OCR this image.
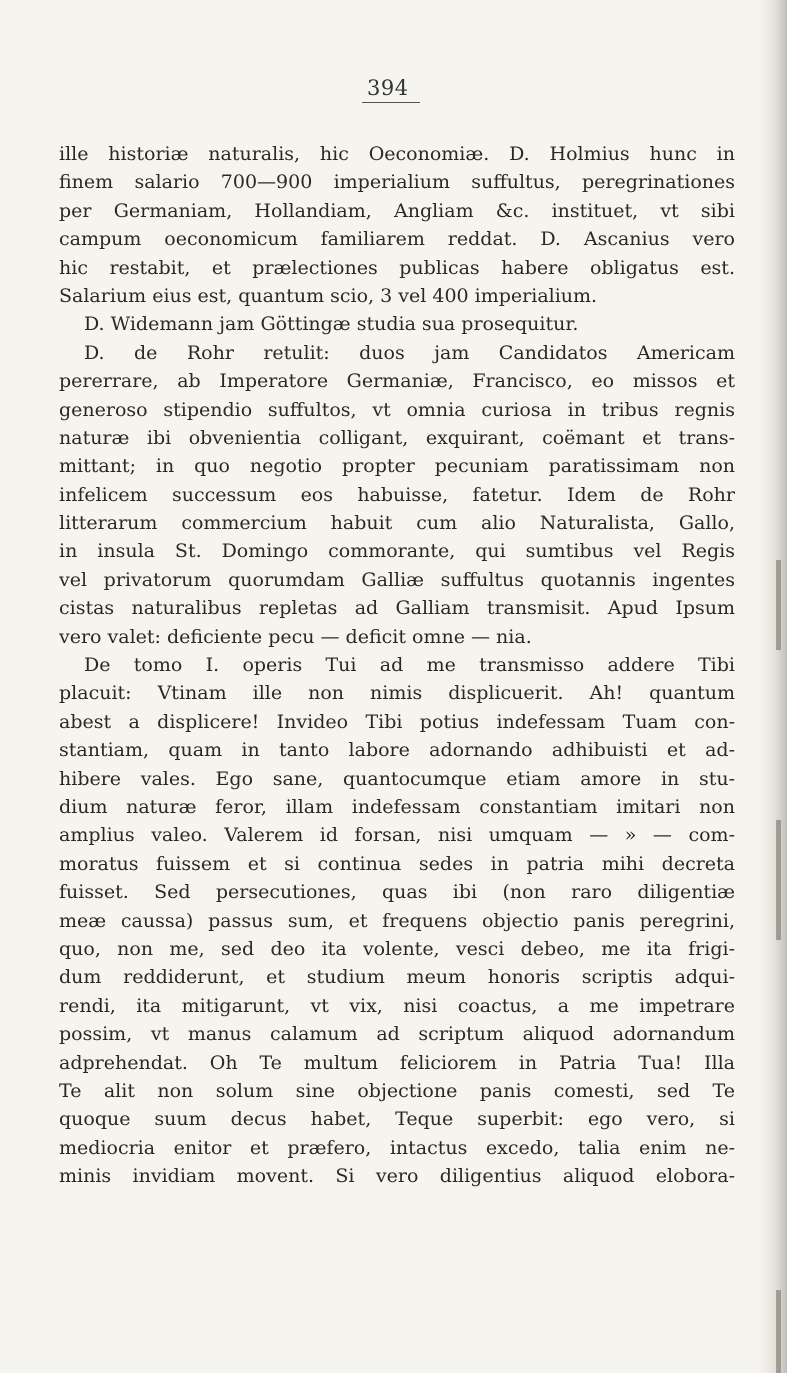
394
ille historiæ naturalis, hic Oeconomiæ. D. Holmius hunc in
finem salario 700—900 imperialium suffultus, peregrinationes
per Germaniam, Hollandiam, Angliam &c. instituet, vt sibi
campum oeconomicum familiarem reddat. D. Ascanius vero
hic restabit, et prælectiones publicas habere obligatus est.
Salarium eius est, quantum scio, 3 vel 400 imperialium.
D. Widemann jam Göttingæ studia sua prosequitur.
D. de Rohr retulit: duos jam Candidatos Americam
pererrare, ab Imperatore Germaniæ, Francisco, eo missos et
generoso stipendio suffultos, vt omnia curiosa in tribus regnis
naturæ ibi obvenientia colligant, exquirant, coëmant et trans-
mittant; in quo negotio propter pecuniam paratissimam non
infelicem successum eos habuisse, fatetur. Idem de Rohr
litterarum commercium habuit cum alio Naturalista, Gallo,
in insula St. Domingo commorante, qui sumtibus vel Regis
vel privatorum quorumdam Galliæ suffultus quotannis ingentes
cistas naturalibus repletas ad Galliam transmisit. Apud Ipsum
vero valet: deficiente pecu — deficit omne — nia.
De tomo I. operis Tui ad me transmisso addere Tibi
placuit: Vtinam ille non nimis displicuerit. Ah! quantum
abest a displicere! Invideo Tibi potius indefessam Tuam con-
stantiam, quam in tanto labore adornando adhibuisti et ad-
hibere vales. Ego sane, quantocumque etiam amore in stu-
dium naturæ feror, illam indefessam constantiam imitari non
amplius valeo. Valerem id forsan, nisi umquam — » — com-
moratus fuissem et si continua sedes in patria mihi decreta
fuisset. Sed persecutiones, quas ibi (non raro diligentiæ
meæ caussa) passus sum, et frequens objectio panis peregrini,
quo, non me, sed deo ita volente, vesci debeo, me ita frigi-
dum reddiderunt, et studium meum honoris scriptis adqui-
rendi, ita mitigarunt, vt vix, nisi coactus, a me impetrare
possim, vt manus calamum ad scriptum aliquod adornandum
adprehendat. Oh Te multum feliciorem in Patria Tua! Illa
Te alit non solum sine objectione panis comesti, sed Te
quoque suum decus habet, Teque superbit: ego vero, si
mediocria enitor et præfero, intactus excedo, talia enim ne-
minis invidiam movent. Si vero diligentius aliquod elobora-
